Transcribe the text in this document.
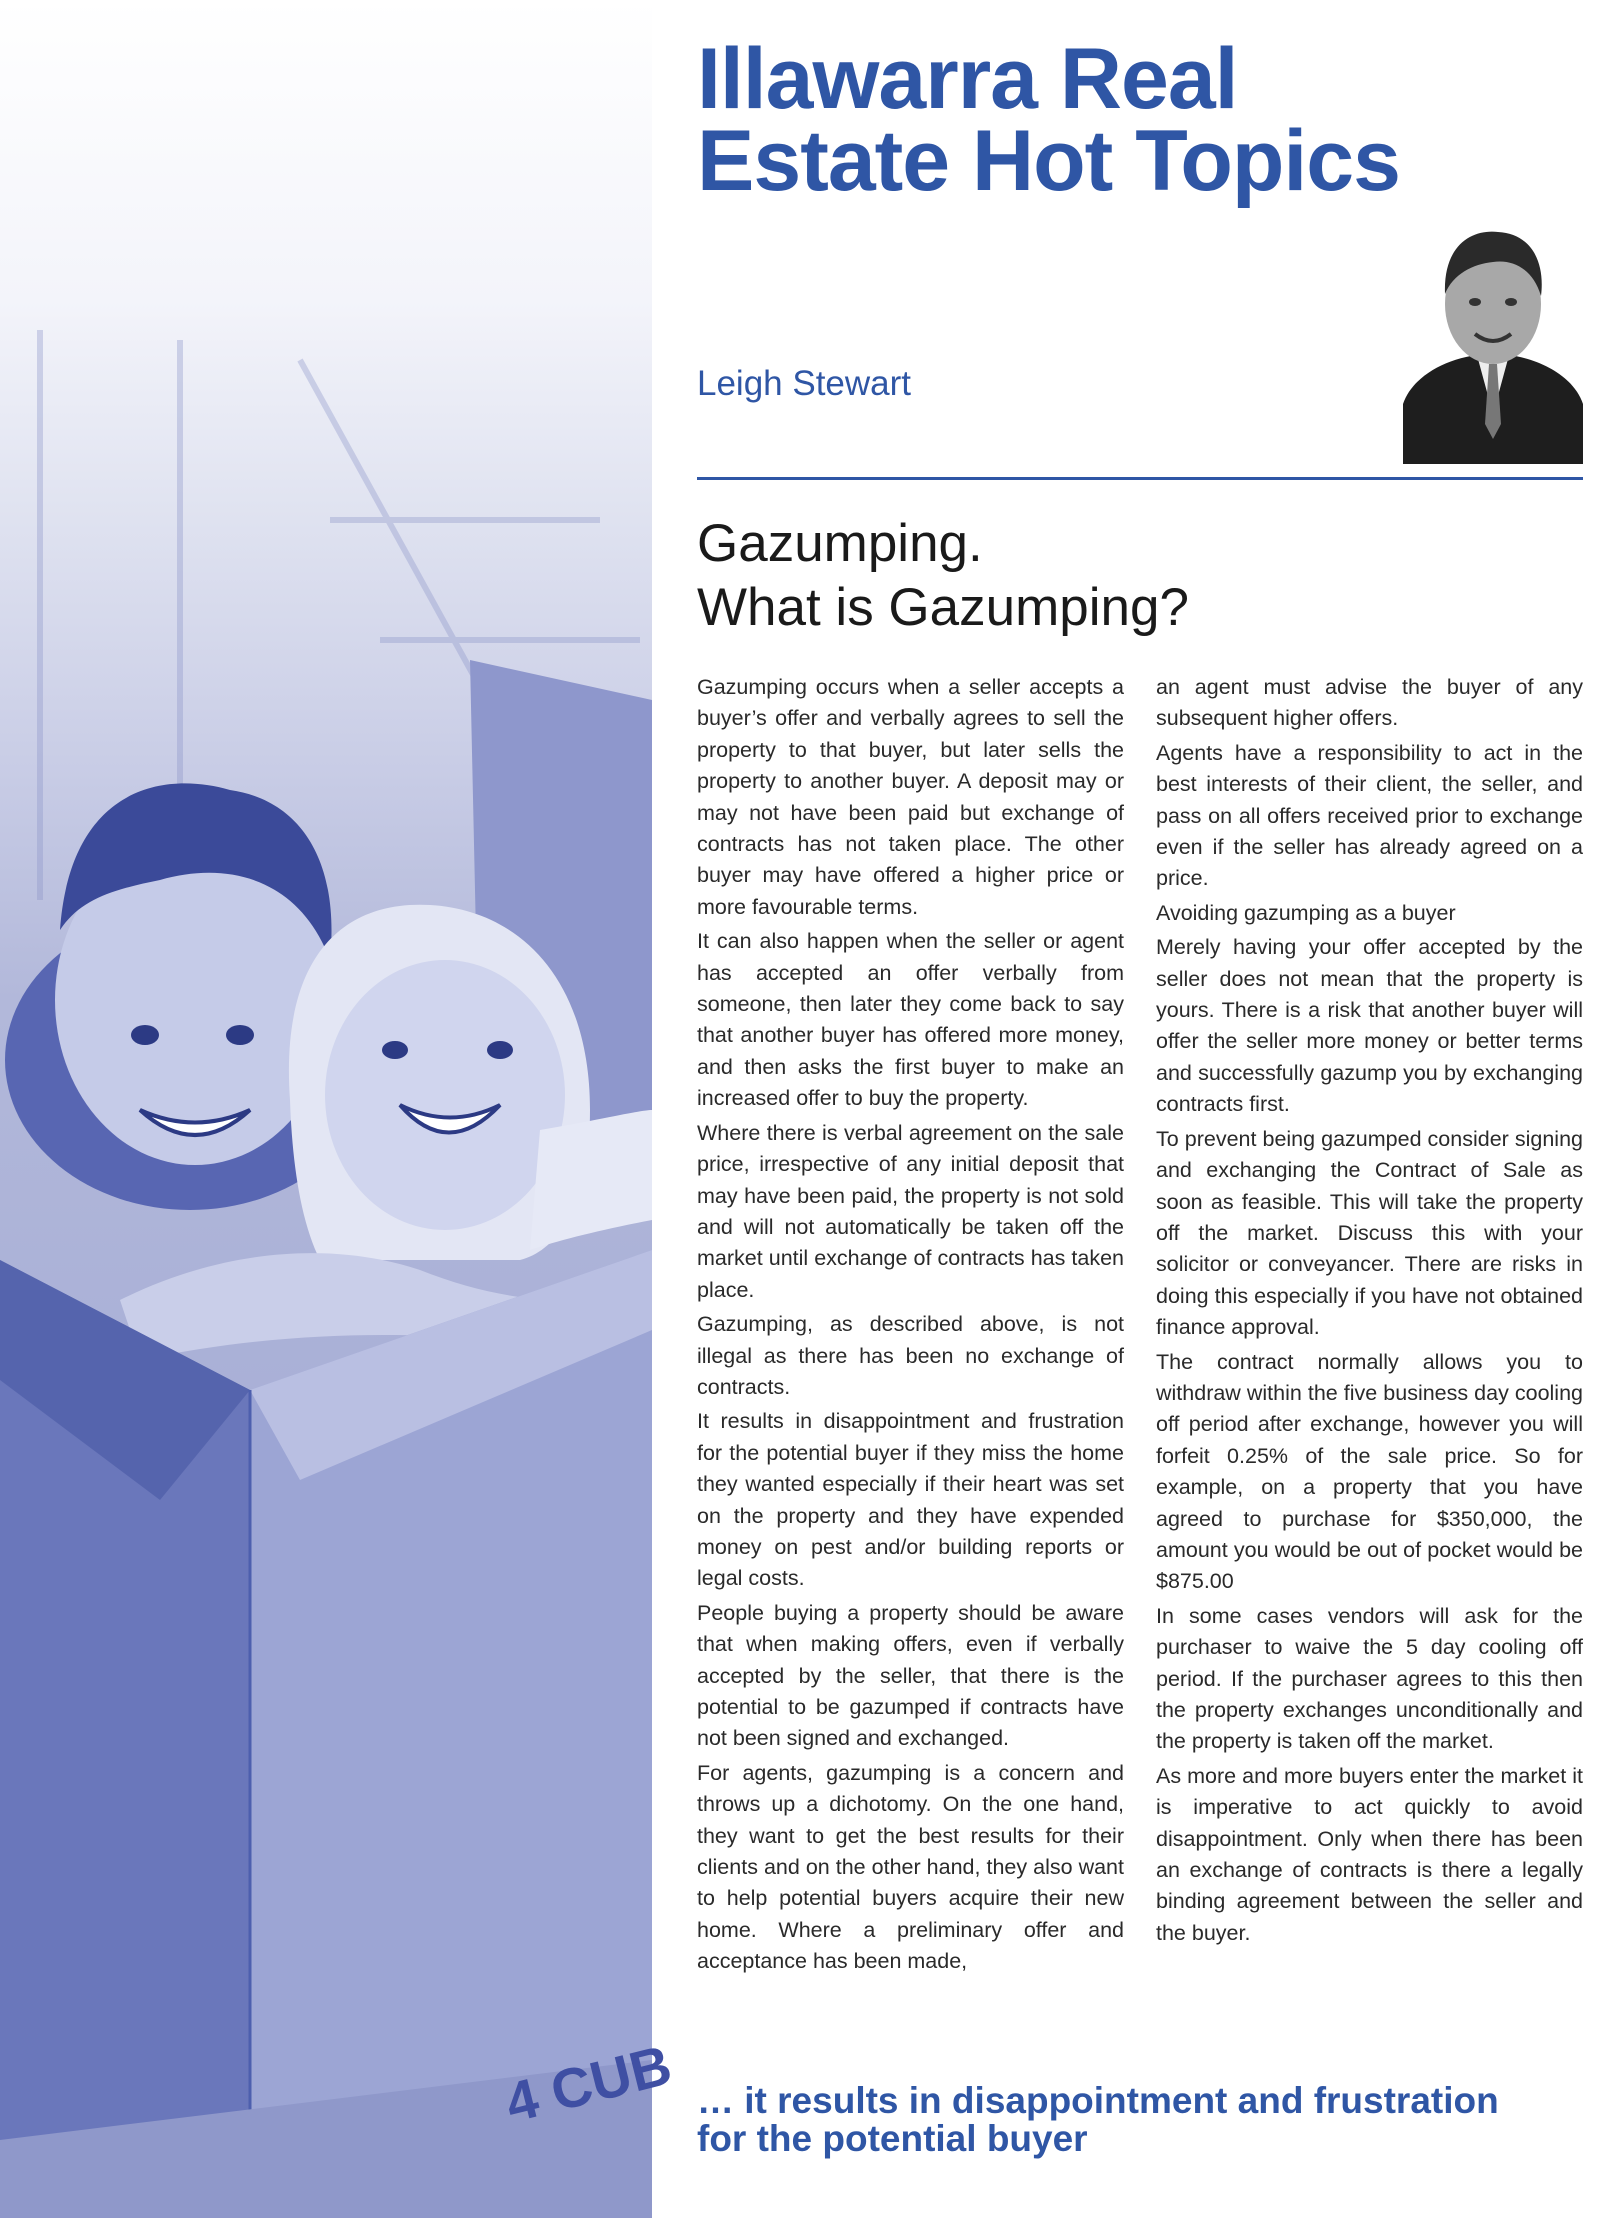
4 CUB
Illawarra Real
Estate Hot Topics
Leigh Stewart
Gazumping.
What is Gazumping?

Gazumping occurs when a seller accepts a buyer’s offer and verbally agrees to sell the property to that buyer, but later sells the property to another buyer. A deposit may or may not have been paid but exchange of contracts has not taken place. The other buyer may have offered a higher price or more favourable terms.

It can also happen when the seller or agent has accepted an offer verbally from someone, then later they come back to say that another buyer has offered more money, and then asks the first buyer to make an increased offer to buy the property.

Where there is verbal agreement on the sale price, irrespective of any initial deposit that may have been paid, the property is not sold and will not automatically be taken off the market until exchange of contracts has taken place.

Gazumping, as described above, is not illegal as there has been no exchange of contracts.

It results in disappointment and frustration for the potential buyer if they miss the home they wanted especially if their heart was set on the property and they have expended money on pest and/or building reports or legal costs.

People buying a property should be aware that when making offers, even if verbally accepted by the seller, that there is the potential to be gazumped if contracts have not been signed and exchanged.

For agents, gazumping is a concern and throws up a dichotomy. On the one hand, they want to get the best results for their clients and on the other hand, they also want to help potential buyers acquire their new home. Where a preliminary offer and acceptance has been made,

an agent must advise the buyer of any subsequent higher offers.

Agents have a responsibility to act in the best interests of their client, the seller, and pass on all offers received prior to exchange even if the seller has already agreed on a price.

Avoiding gazumping as a buyer

Merely having your offer accepted by the seller does not mean that the property is yours. There is a risk that another buyer will offer the seller more money or better terms and successfully gazump you by exchanging contracts first.

To prevent being gazumped consider signing and exchanging the Contract of Sale as soon as feasible. This will take the property off the market. Discuss this with your solicitor or conveyancer. There are risks in doing this especially if you have not obtained finance approval.

The contract normally allows you to withdraw within the five business day cooling off period after exchange, however you will forfeit 0.25% of the sale price. So for example, on a property that you have agreed to purchase for $350,000, the amount you would be out of pocket would be $875.00

In some cases vendors will ask for the purchaser to waive the 5 day cooling off period. If the purchaser agrees to this then the property exchanges unconditionally and the property is taken off the market.

As more and more buyers enter the market it is imperative to act quickly to avoid disappointment. Only when there has been an exchange of contracts is there a legally binding agreement between the seller and the buyer.

… it results in disappointment and frustration
for the potential buyer
